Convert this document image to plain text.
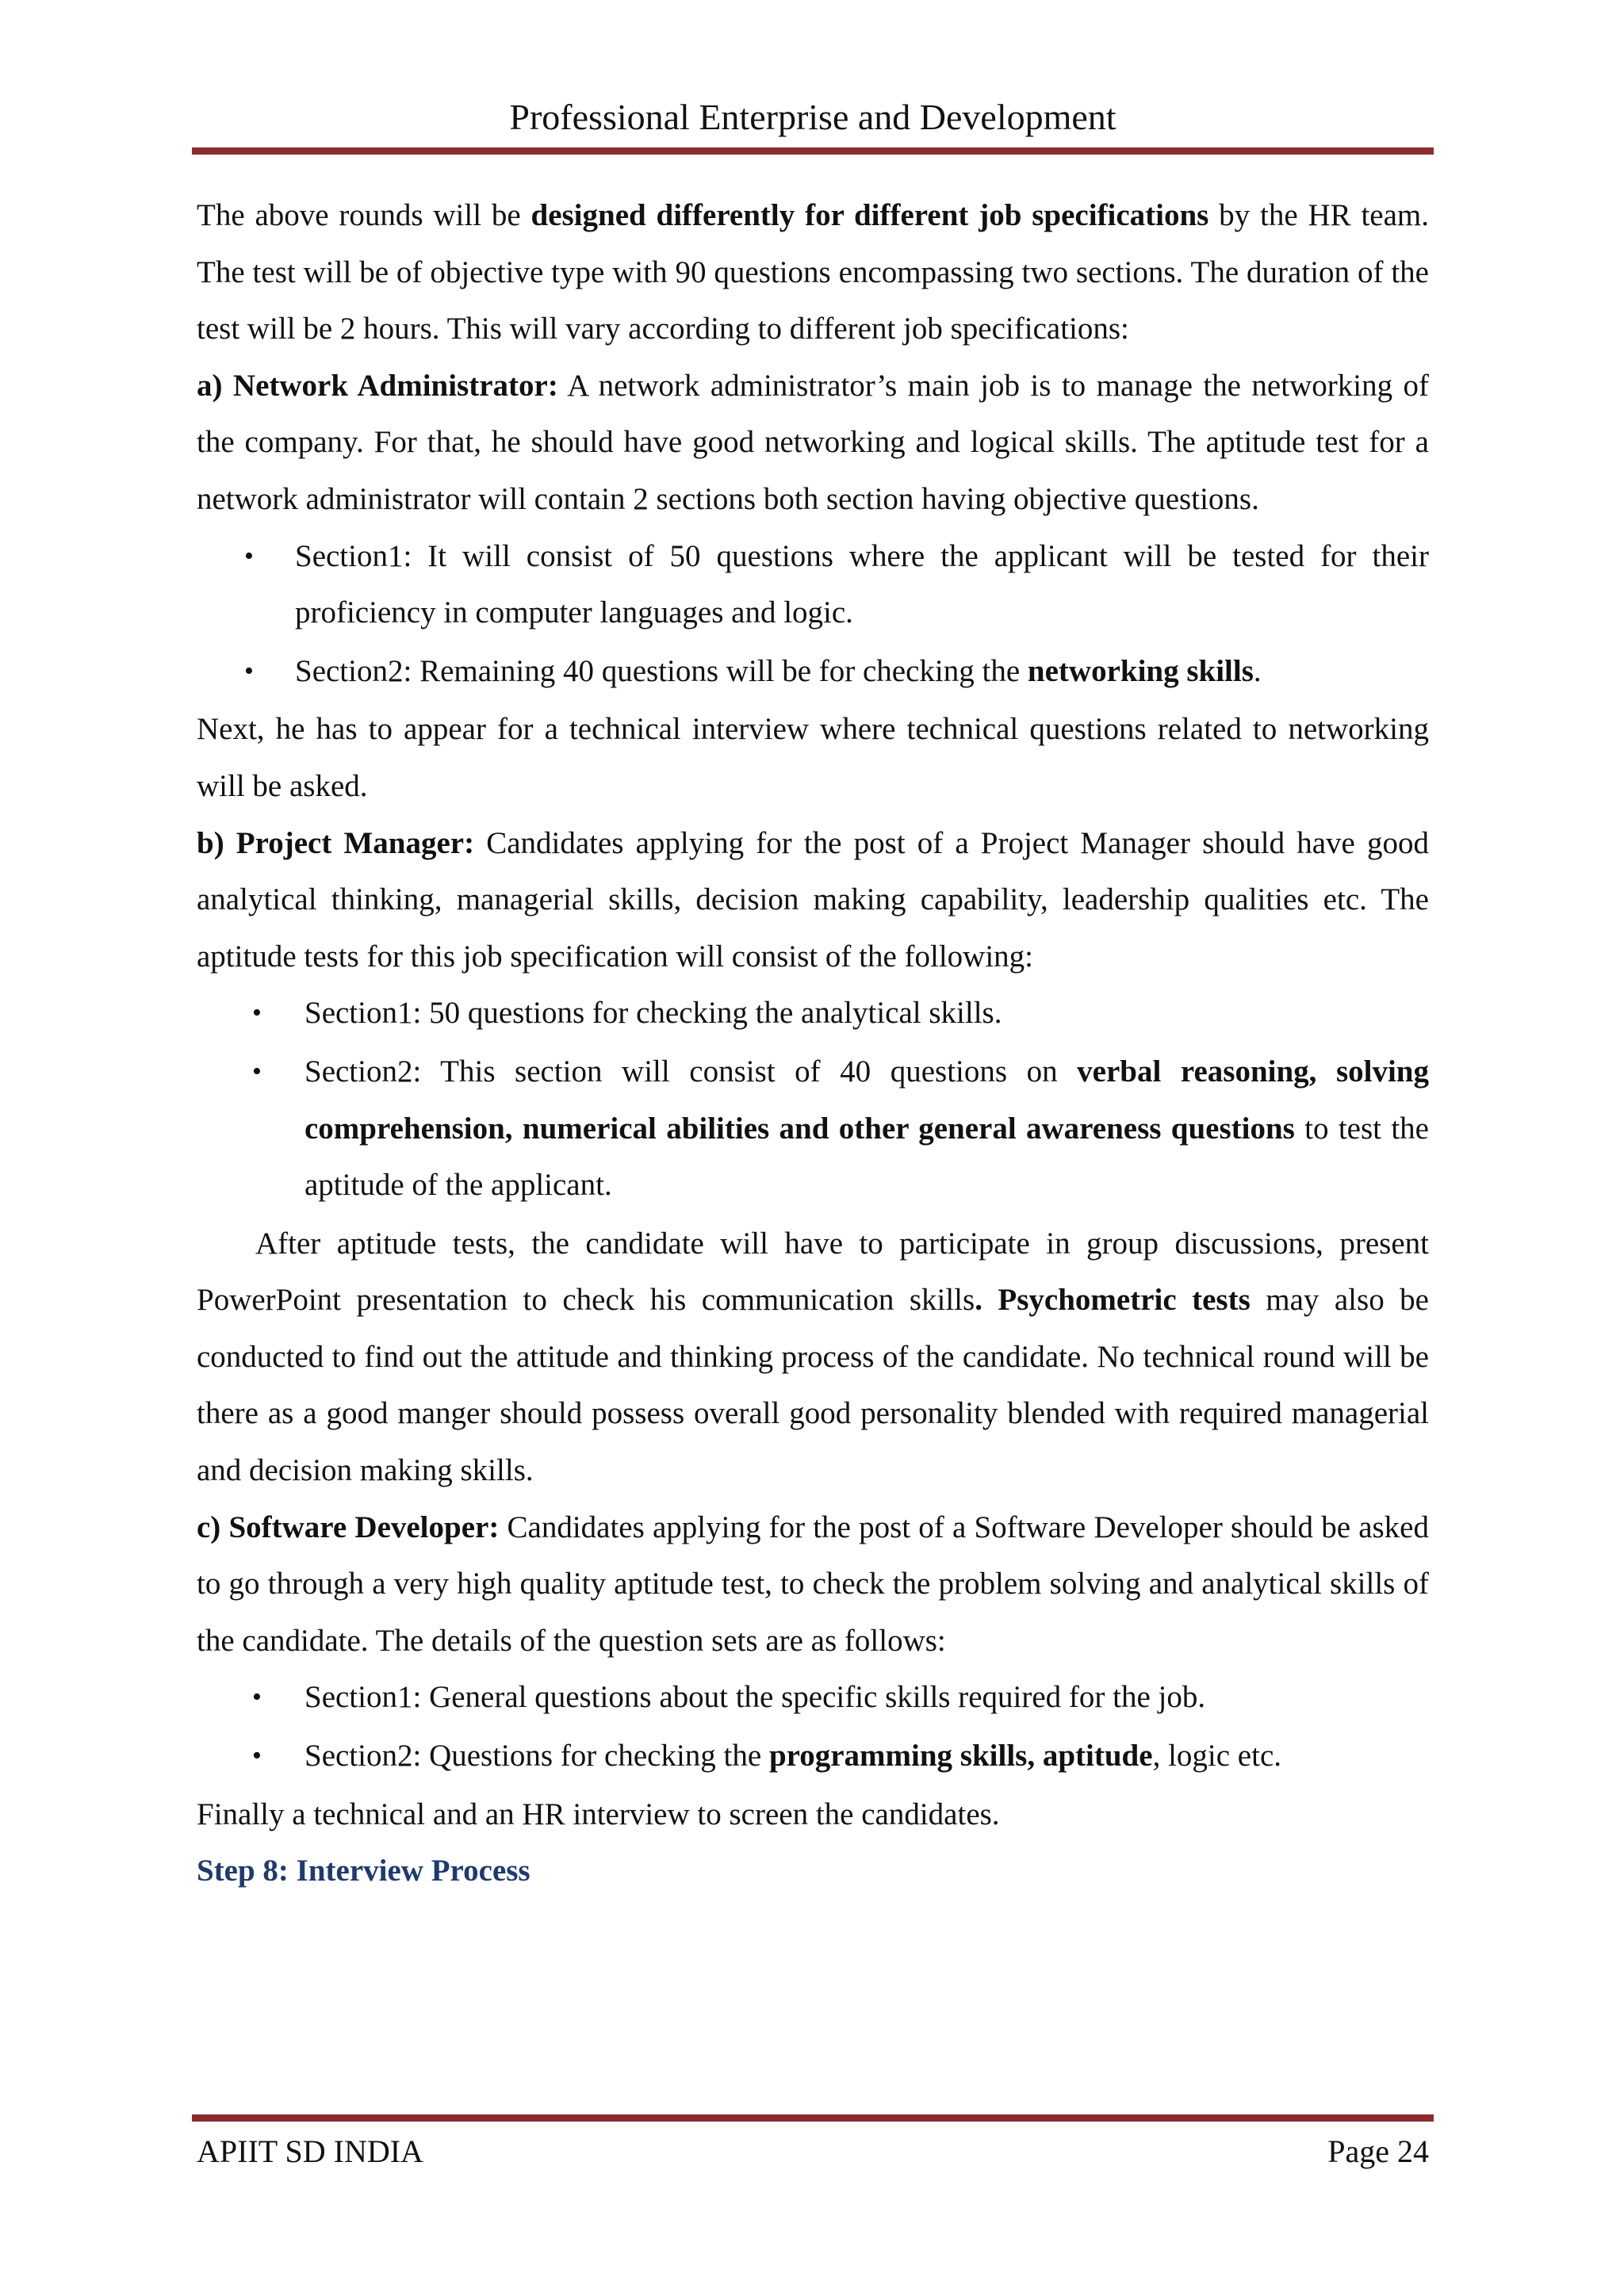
Professional Enterprise and Development

The above rounds will be designed differently for different job specifications by the HR team. The test will be of objective type with 90 questions encompassing two sections. The duration of the test will be 2 hours. This will vary according to different job specifications:

a) Network Administrator: A network administrator’s main job is to manage the networking of the company. For that, he should have good networking and logical skills. The aptitude test for a network administrator will contain 2 sections both section having objective questions.

• Section1: It will consist of 50 questions where the applicant will be tested for their proficiency in computer languages and logic.
• Section2: Remaining 40 questions will be for checking the networking skills.

Next, he has to appear for a technical interview where technical questions related to networking will be asked.

b) Project Manager: Candidates applying for the post of a Project Manager should have good analytical thinking, managerial skills, decision making capability, leadership qualities etc. The aptitude tests for this job specification will consist of the following:

• Section1: 50 questions for checking the analytical skills.
• Section2: This section will consist of 40 questions on verbal reasoning, solving comprehension, numerical abilities and other general awareness questions to test the aptitude of the applicant.

After aptitude tests, the candidate will have to participate in group discussions, present PowerPoint presentation to check his communication skills. Psychometric tests may also be conducted to find out the attitude and thinking process of the candidate. No technical round will be there as a good manger should possess overall good personality blended with required managerial and decision making skills.

c) Software Developer: Candidates applying for the post of a Software Developer should be asked to go through a very high quality aptitude test, to check the problem solving and analytical skills of the candidate. The details of the question sets are as follows:

• Section1: General questions about the specific skills required for the job.
• Section2: Questions for checking the programming skills, aptitude, logic etc.

Finally a technical and an HR interview to screen the candidates.

Step 8: Interview Process

APIIT SD INDIA	Page 24
